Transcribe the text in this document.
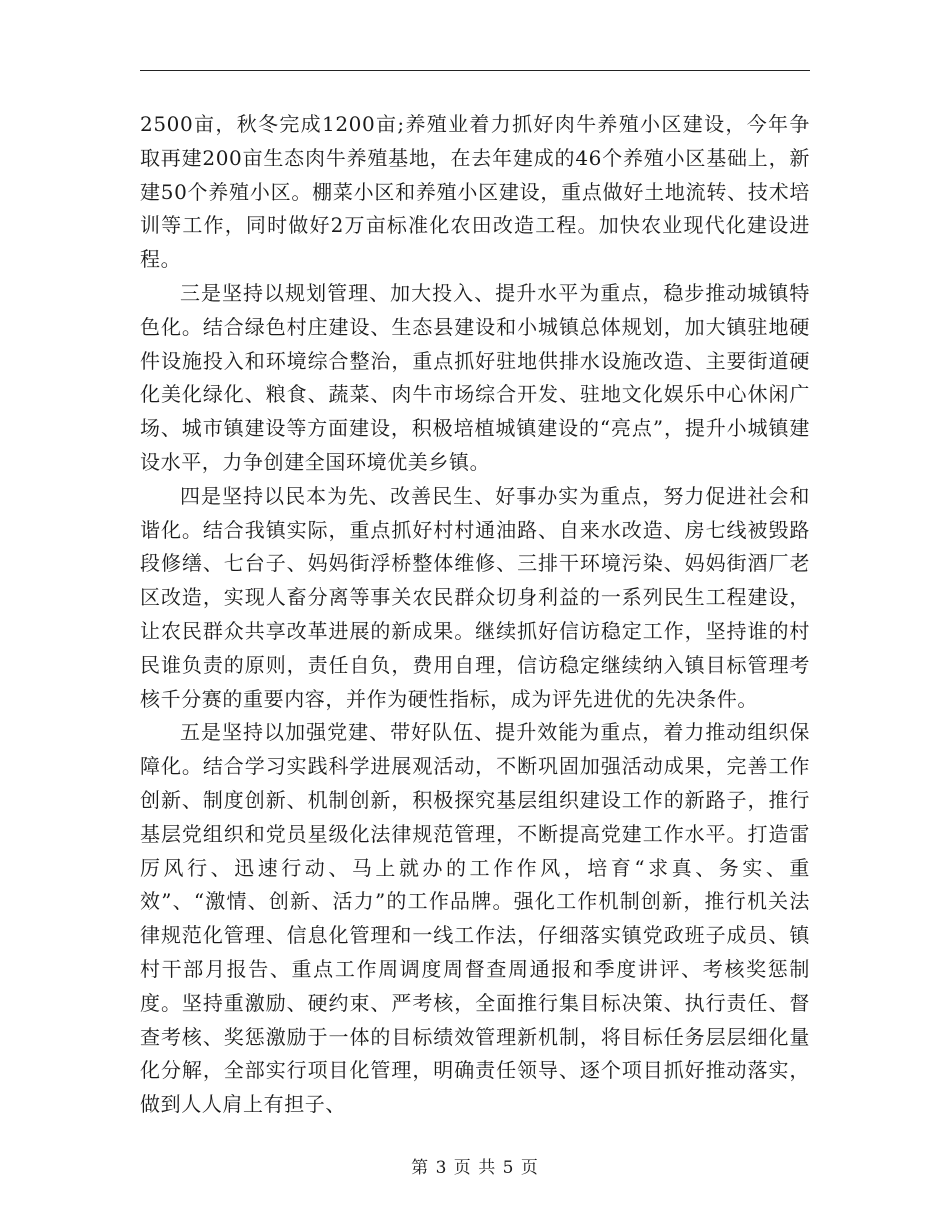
2500亩，秋冬完成1200亩;养殖业着力抓好肉牛养殖小区建设，今年争取再建200亩生态肉牛养殖基地，在去年建成的46个养殖小区基础上，新建50个养殖小区。棚菜小区和养殖小区建设，重点做好土地流转、技术培训等工作，同时做好2万亩标准化农田改造工程。加快农业现代化建设进程。

三是坚持以规划管理、加大投入、提升水平为重点，稳步推动城镇特色化。结合绿色村庄建设、生态县建设和小城镇总体规划，加大镇驻地硬件设施投入和环境综合整治，重点抓好驻地供排水设施改造、主要街道硬化美化绿化、粮食、蔬菜、肉牛市场综合开发、驻地文化娱乐中心休闲广场、城市镇建设等方面建设，积极培植城镇建设的“亮点”，提升小城镇建设水平，力争创建全国环境优美乡镇。

四是坚持以民本为先、改善民生、好事办实为重点，努力促进社会和谐化。结合我镇实际，重点抓好村村通油路、自来水改造、房七线被毁路段修缮、七台子、妈妈街浮桥整体维修、三排干环境污染、妈妈街酒厂老区改造，实现人畜分离等事关农民群众切身利益的一系列民生工程建设，让农民群众共享改革进展的新成果。继续抓好信访稳定工作，坚持谁的村民谁负责的原则，责任自负，费用自理，信访稳定继续纳入镇目标管理考核千分赛的重要内容，并作为硬性指标，成为评先进优的先决条件。

五是坚持以加强党建、带好队伍、提升效能为重点，着力推动组织保障化。结合学习实践科学进展观活动，不断巩固加强活动成果，完善工作创新、制度创新、机制创新，积极探究基层组织建设工作的新路子，推行基层党组织和党员星级化法律规范管理，不断提高党建工作水平。打造雷厉风行、迅速行动、马上就办的工作作风，培育“求真、务实、重效”、“激情、创新、活力”的工作品牌。强化工作机制创新，推行机关法律规范化管理、信息化管理和一线工作法，仔细落实镇党政班子成员、镇村干部月报告、重点工作周调度周督查周通报和季度讲评、考核奖惩制度。坚持重激励、硬约束、严考核，全面推行集目标决策、执行责任、督查考核、奖惩激励于一体的目标绩效管理新机制，将目标任务层层细化量化分解，全部实行项目化管理，明确责任领导、逐个项目抓好推动落实，做到人人肩上有担子、

第 3 页 共 5 页
